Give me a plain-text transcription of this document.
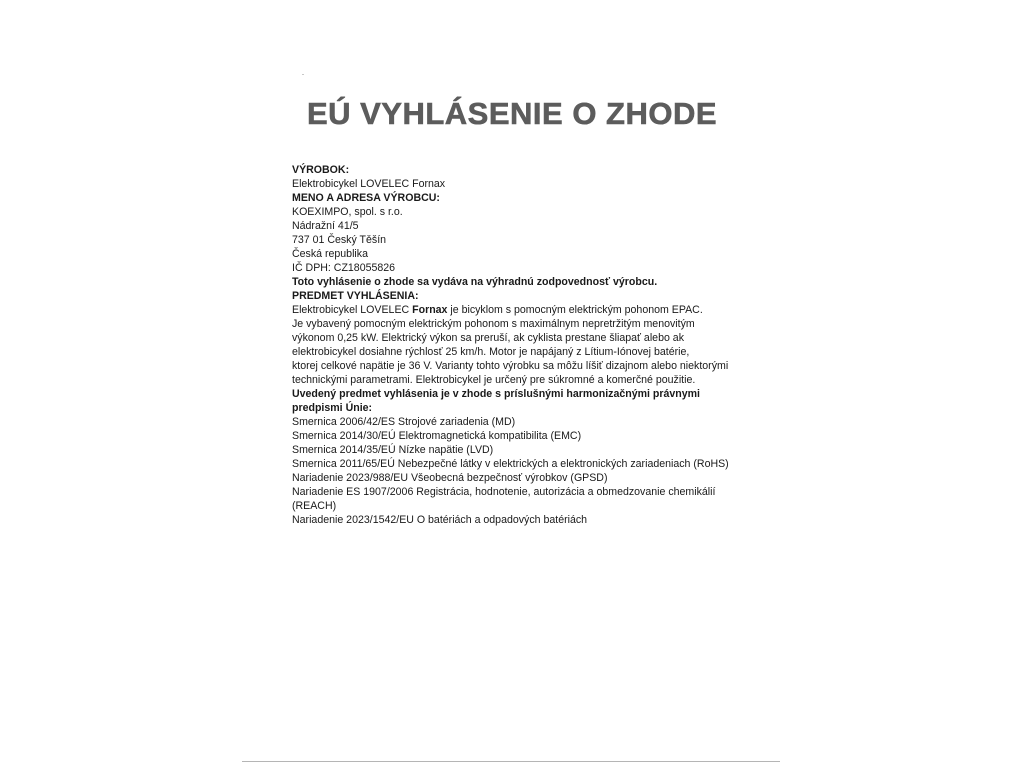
EÚ VYHLÁSENIE O ZHODE

VÝROBOK:

Elektrobicykel LOVELEC Fornax

MENO A ADRESA VÝROBCU:

KOEXIMPO, spol. s r.o.

Nádražní 41/5

737 01 Český Těšín

Česká republika

IČ DPH: CZ18055826

Toto vyhlásenie o zhode sa vydáva na výhradnú zodpovednosť výrobcu.

PREDMET VYHLÁSENIA:

Elektrobicykel LOVELEC Fornax je bicyklom s pomocným elektrickým pohonom EPAC.

Je vybavený pomocným elektrickým pohonom s maximálnym nepretržitým menovitým

výkonom 0,25 kW. Elektrický výkon sa preruší, ak cyklista prestane šliapať alebo ak

elektrobicykel dosiahne rýchlosť 25 km/h. Motor je napájaný z Lítium-Iónovej batérie,

ktorej celkové napätie je 36 V. Varianty tohto výrobku sa môžu líšiť dizajnom alebo niektorými

technickými parametrami. Elektrobicykel je určený pre súkromné a komerčné použitie.

Uvedený predmet vyhlásenia je v zhode s príslušnými harmonizačnými právnymi

predpismi Únie:

Smernica 2006/42/ES Strojové zariadenia (MD)

Smernica 2014/30/EÚ Elektromagnetická kompatibilita (EMC)

Smernica 2014/35/EÚ Nízke napätie (LVD)

Smernica 2011/65/EÚ Nebezpečné látky v elektrických a elektronických zariadeniach (RoHS)

Nariadenie 2023/988/EU Všeobecná bezpečnosť výrobkov (GPSD)

Nariadenie ES 1907/2006 Registrácia, hodnotenie, autorizácia a obmedzovanie chemikálií

(REACH)

Nariadenie 2023/1542/EU O batériách a odpadových batériách
